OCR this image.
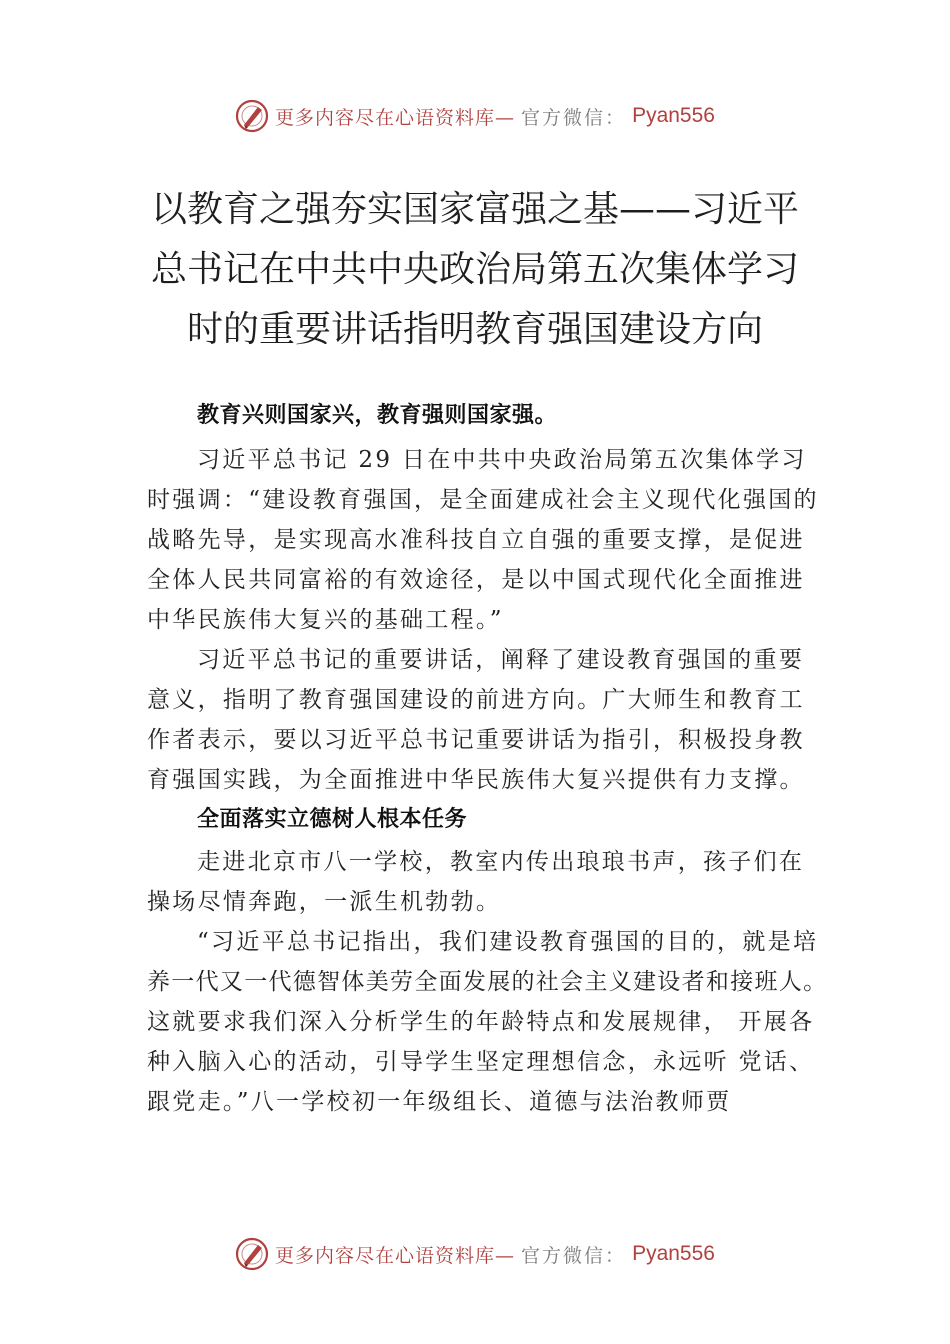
更多内容尽在心语资料库— 官方微信： Pyan556
以教育之强夯实国家富强之基——习近平
总书记在中共中央政治局第五次集体学习
时的重要讲话指明教育强国建设方向
教育兴则国家兴，教育强则国家强。
习近平总书记 29 日在中共中央政治局第五次集体学习
时强调：“建设教育强国，是全面建成社会主义现代化强国的
战略先导，是实现高水准科技自立自强的重要支撑，是促进
全体人民共同富裕的有效途径，是以中国式现代化全面推进
中华民族伟大复兴的基础工程。”
习近平总书记的重要讲话，阐释了建设教育强国的重要
意义，指明了教育强国建设的前进方向。广大师生和教育工
作者表示，要以习近平总书记重要讲话为指引，积极投身教
育强国实践，为全面推进中华民族伟大复兴提供有力支撑。
全面落实立德树人根本任务
走进北京市八一学校，教室内传出琅琅书声，孩子们在
操场尽情奔跑，一派生机勃勃。
“习近平总书记指出，我们建设教育强国的目的，就是培
养一代又一代德智体美劳全面发展的社会主义建设者和接班人。
这就要求我们深入分析学生的年龄特点和发展规律， 开展各
种入脑入心的活动，引导学生坚定理想信念，永远听 党话、
跟党走。”八一学校初一年级组长、道德与法治教师贾
更多内容尽在心语资料库— 官方微信： Pyan556
